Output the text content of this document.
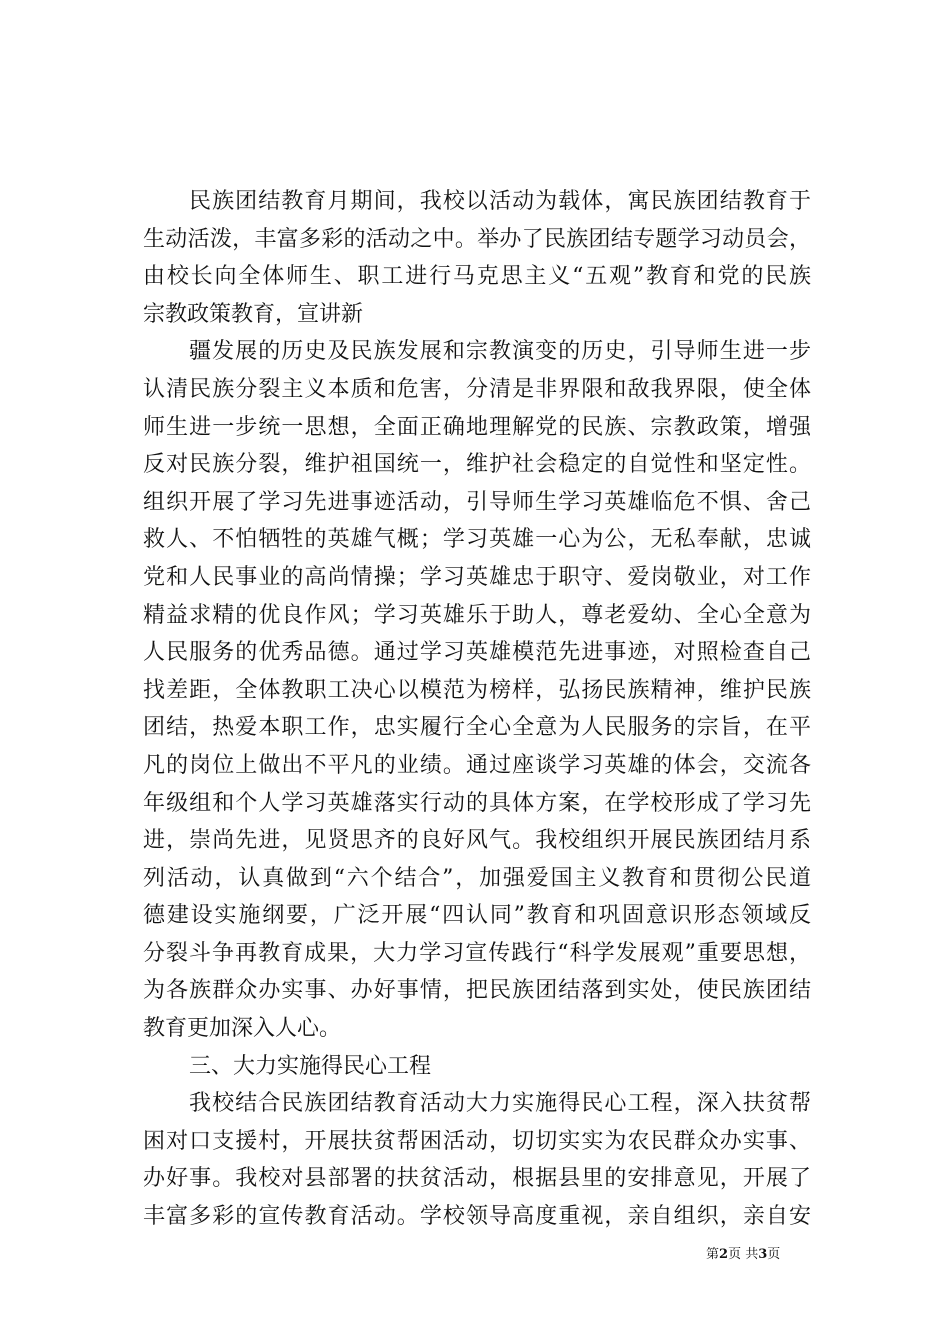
民族团结教育月期间，我校以活动为载体，寓民族团结教育于
生动活泼，丰富多彩的活动之中。举办了民族团结专题学习动员会，
由校长向全体师生、职工进行马克思主义“五观”教育和党的民族
宗教政策教育，宣讲新
疆发展的历史及民族发展和宗教演变的历史，引导师生进一步
认清民族分裂主义本质和危害，分清是非界限和敌我界限，使全体
师生进一步统一思想，全面正确地理解党的民族、宗教政策，增强
反对民族分裂，维护祖国统一，维护社会稳定的自觉性和坚定性。
组织开展了学习先进事迹活动，引导师生学习英雄临危不惧、舍己
救人、不怕牺牲的英雄气概；学习英雄一心为公，无私奉献，忠诚
党和人民事业的高尚情操；学习英雄忠于职守、爱岗敬业，对工作
精益求精的优良作风；学习英雄乐于助人，尊老爱幼、全心全意为
人民服务的优秀品德。通过学习英雄模范先进事迹，对照检查自己
找差距，全体教职工决心以模范为榜样，弘扬民族精神，维护民族
团结，热爱本职工作，忠实履行全心全意为人民服务的宗旨，在平
凡的岗位上做出不平凡的业绩。通过座谈学习英雄的体会，交流各
年级组和个人学习英雄落实行动的具体方案，在学校形成了学习先
进，崇尚先进，见贤思齐的良好风气。我校组织开展民族团结月系
列活动，认真做到“六个结合”，加强爱国主义教育和贯彻公民道
德建设实施纲要，广泛开展“四认同”教育和巩固意识形态领域反
分裂斗争再教育成果，大力学习宣传践行“科学发展观”重要思想，
为各族群众办实事、办好事情，把民族团结落到实处，使民族团结
教育更加深入人心。
三、大力实施得民心工程
我校结合民族团结教育活动大力实施得民心工程，深入扶贫帮
困对口支援村，开展扶贫帮困活动，切切实实为农民群众办实事、
办好事。我校对县部署的扶贫活动，根据县里的安排意见，开展了
丰富多彩的宣传教育活动。学校领导高度重视，亲自组织，亲自安
第2页 共3页
